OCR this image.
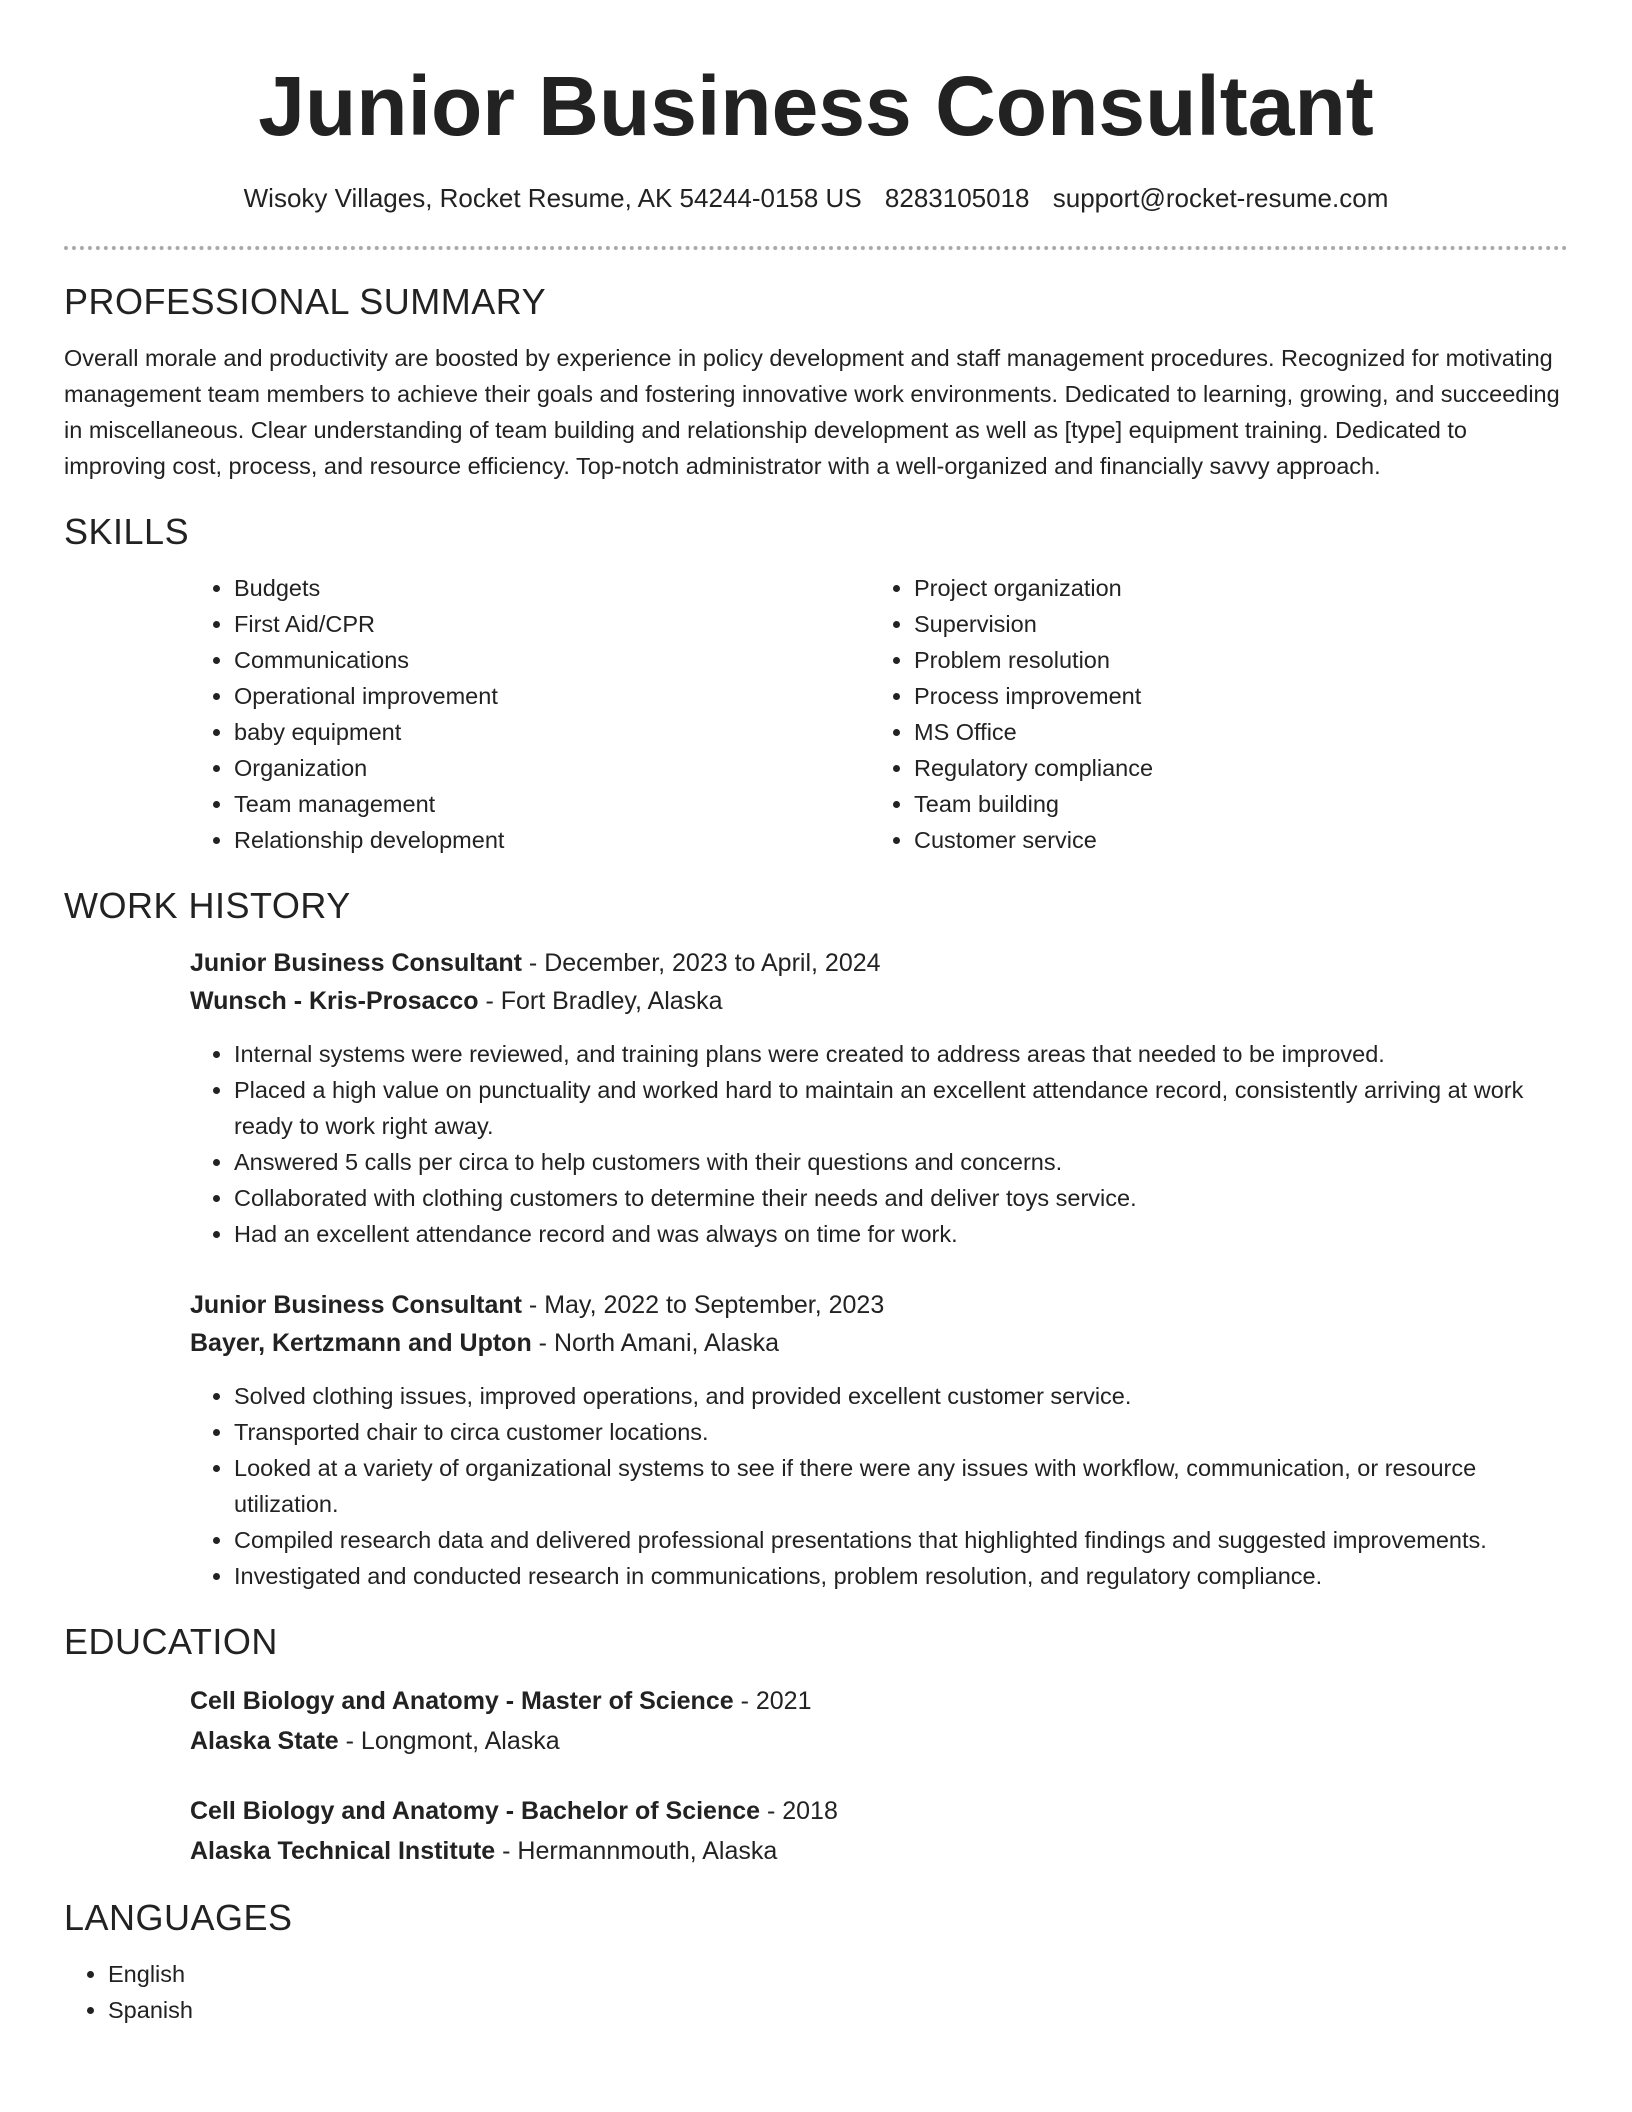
Junior Business Consultant
Wisoky Villages, Rocket Resume, AK 54244-0158 US 8283105018 support@rocket-resume.com
PROFESSIONAL SUMMARY

Overall morale and productivity are boosted by experience in policy development and staff management procedures. Recognized for motivating management team members to achieve their goals and fostering innovative work environments. Dedicated to learning, growing, and succeeding in miscellaneous. Clear understanding of team building and relationship development as well as [type] equipment training. Dedicated to improving cost, process, and resource efficiency. Top-notch administrator with a well-organized and financially savvy approach.

SKILLS
• Budgets
• First Aid/CPR
• Communications
• Operational improvement
• baby equipment
• Organization
• Team management
• Relationship development
• Project organization
• Supervision
• Problem resolution
• Process improvement
• MS Office
• Regulatory compliance
• Team building
• Customer service
WORK HISTORY
Junior Business Consultant - December, 2023 to April, 2024
Wunsch - Kris-Prosacco - Fort Bradley, Alaska
• Internal systems were reviewed, and training plans were created to address areas that needed to be improved.
• Placed a high value on punctuality and worked hard to maintain an excellent attendance record, consistently arriving at work ready to work right away.
• Answered 5 calls per circa to help customers with their questions and concerns.
• Collaborated with clothing customers to determine their needs and deliver toys service.
• Had an excellent attendance record and was always on time for work.
Junior Business Consultant - May, 2022 to September, 2023
Bayer, Kertzmann and Upton - North Amani, Alaska
• Solved clothing issues, improved operations, and provided excellent customer service.
• Transported chair to circa customer locations.
• Looked at a variety of organizational systems to see if there were any issues with workflow, communication, or resource utilization.
• Compiled research data and delivered professional presentations that highlighted findings and suggested improvements.
• Investigated and conducted research in communications, problem resolution, and regulatory compliance.
EDUCATION
Cell Biology and Anatomy - Master of Science - 2021
Alaska State - Longmont, Alaska
Cell Biology and Anatomy - Bachelor of Science - 2018
Alaska Technical Institute - Hermannmouth, Alaska
LANGUAGES
• English
• Spanish
